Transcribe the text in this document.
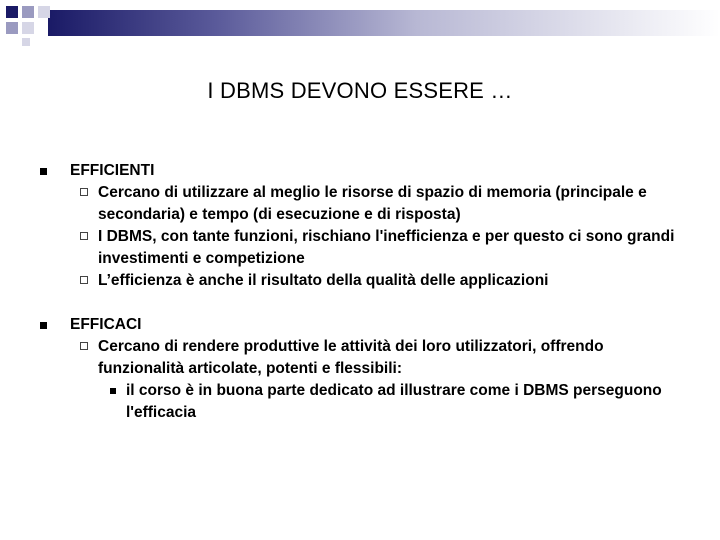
I DBMS DEVONO ESSERE …
EFFICIENTI
Cercano di utilizzare al meglio le risorse di spazio di memoria (principale e secondaria) e tempo (di esecuzione e di risposta)
I DBMS, con tante funzioni, rischiano l'inefficienza e per questo ci sono grandi investimenti e competizione
L’efficienza è anche il risultato della qualità delle applicazioni
EFFICACI
Cercano di rendere produttive le attività dei loro utilizzatori, offrendo funzionalità articolate, potenti e flessibili:
il corso è in buona parte dedicato ad illustrare come i DBMS perseguono l'efficacia
